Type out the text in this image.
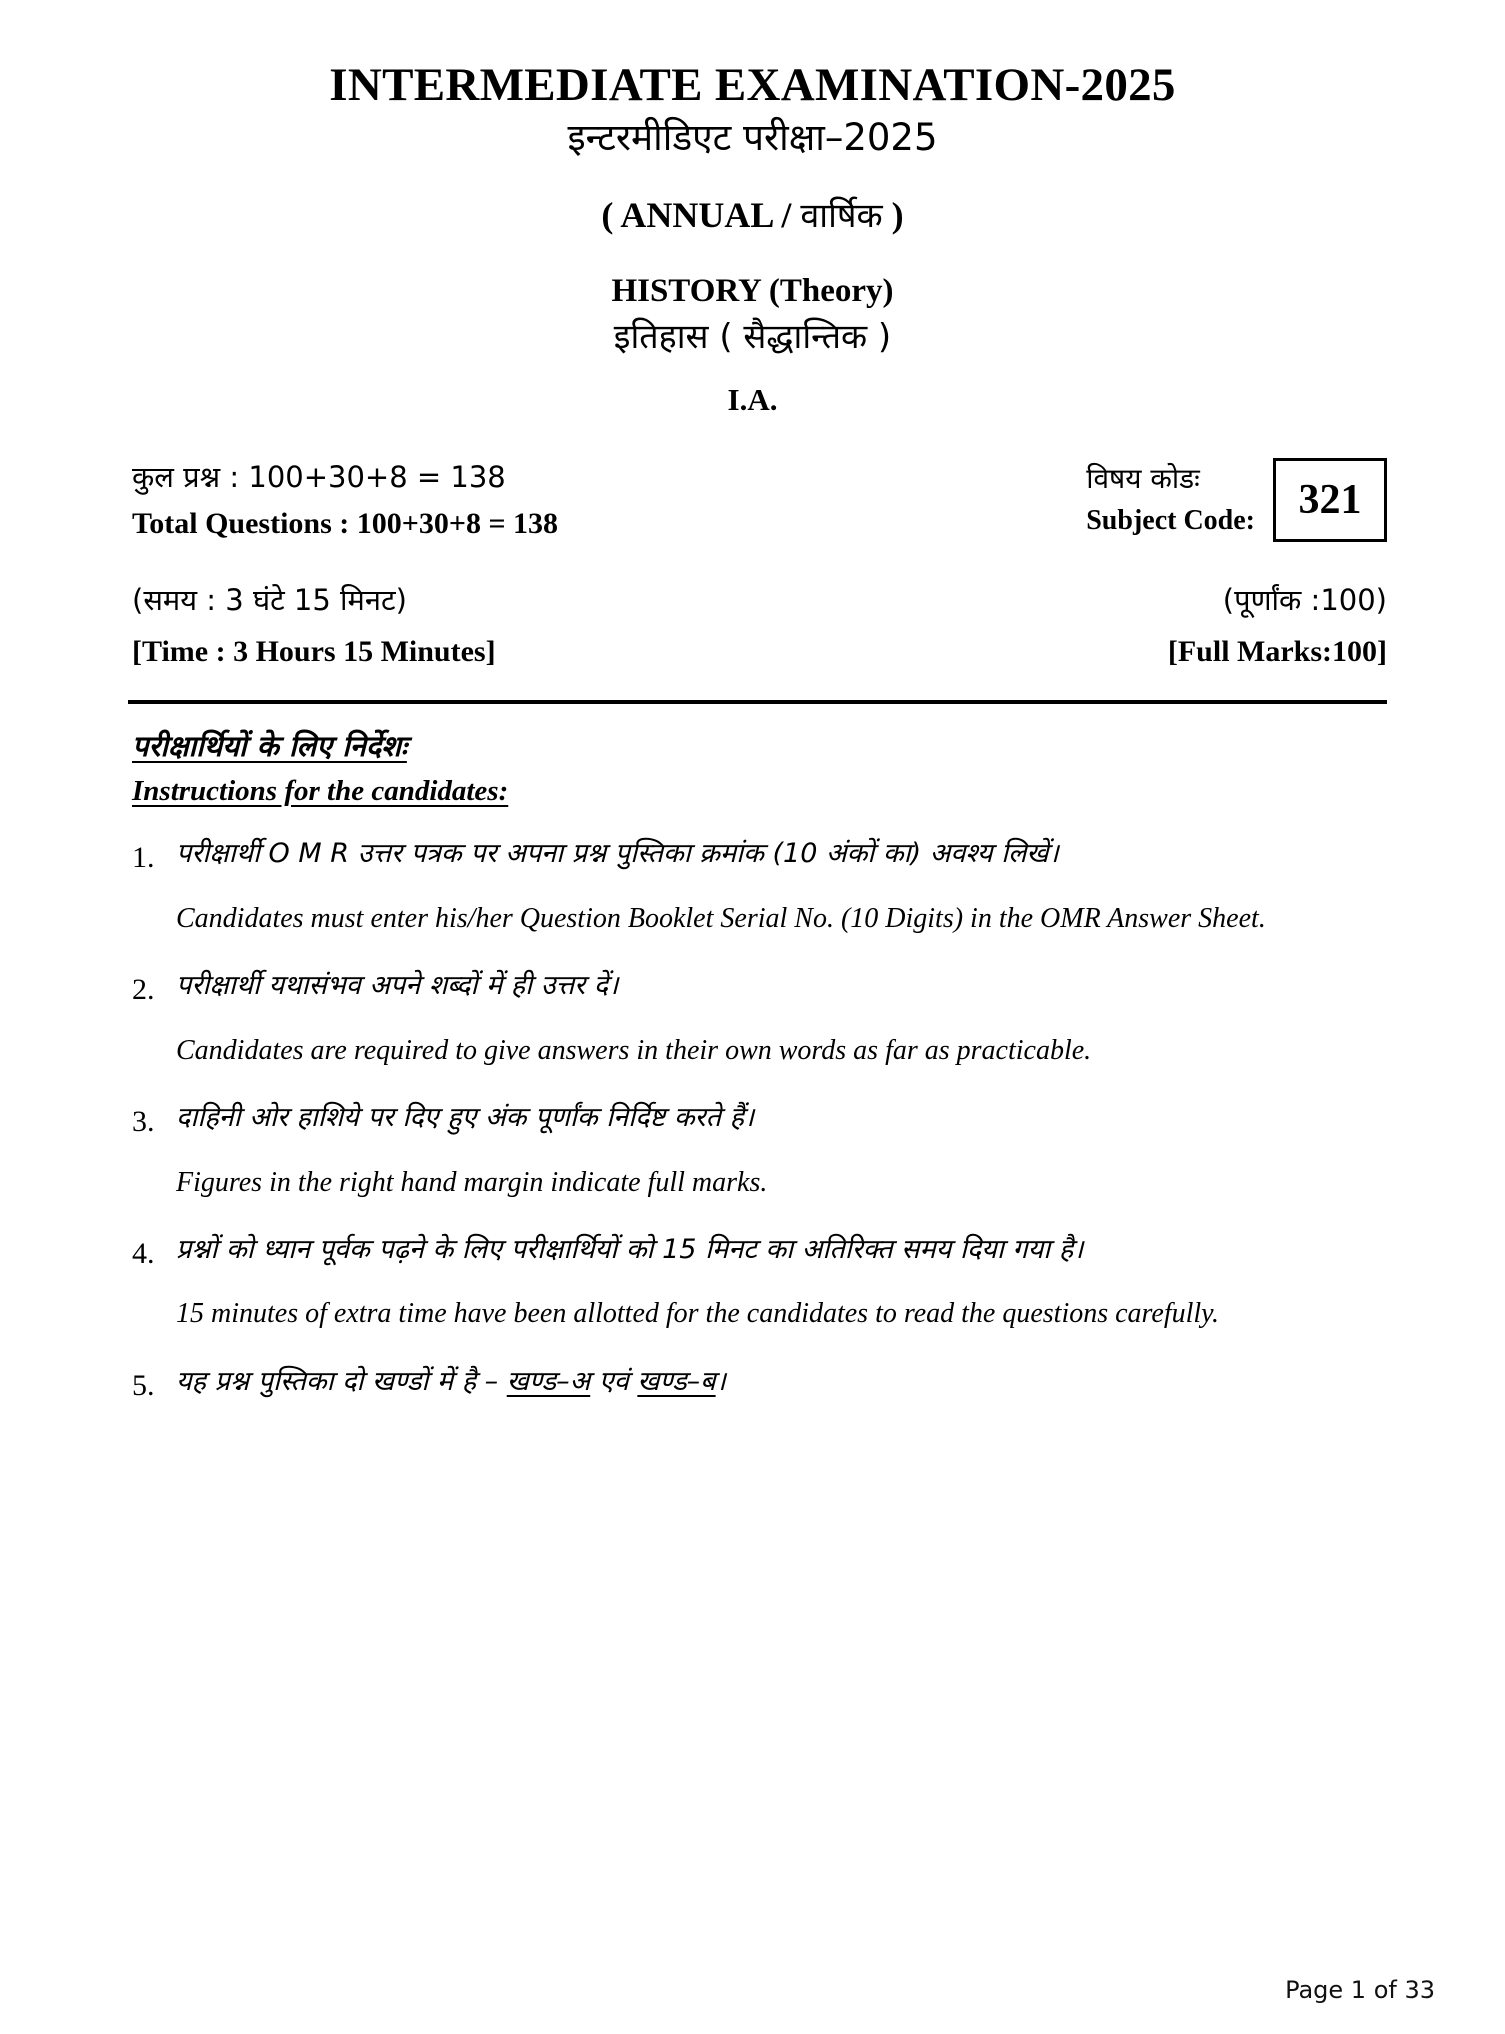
INTERMEDIATE EXAMINATION-2025
इन्टरमीडिएट परीक्षा–2025
( ANNUAL / वार्षिक )
HISTORY (Theory)
इतिहास ( सैद्धान्तिक )
I.A.
कुल प्रश्न : 100+30+8 = 138
Total Questions : 100+30+8 = 138
विषय कोडः
Subject Code:	321
(समय : 3 घंटे 15 मिनट)
[Time : 3 Hours 15 Minutes]
(पूर्णांक :100)
[Full Marks:100]
परीक्षार्थियों के लिए निर्देशः
Instructions for the candidates:
1. परीक्षार्थी O M R उत्तर पत्रक पर अपना प्रश्न पुस्तिका क्रमांक (10 अंकों का) अवश्य लिखें।
Candidates must enter his/her Question Booklet Serial No. (10 Digits) in the OMR Answer Sheet.
2. परीक्षार्थी यथासंभव अपने शब्दों में ही उत्तर दें।
Candidates are required to give answers in their own words as far as practicable.
3. दाहिनी ओर हाशिये पर दिए हुए अंक पूर्णांक निर्दिष्ट करते हैं।
Figures in the right hand margin indicate full marks.
4. प्रश्नों को ध्यान पूर्वक पढ़ने के लिए परीक्षार्थियों को 15 मिनट का अतिरिक्त समय दिया गया है।
15 minutes of extra time have been allotted for the candidates to read the questions carefully.
5. यह प्रश्न पुस्तिका दो खण्डों में है – खण्ड–अ एवं खण्ड–ब।
Page 1 of 33
